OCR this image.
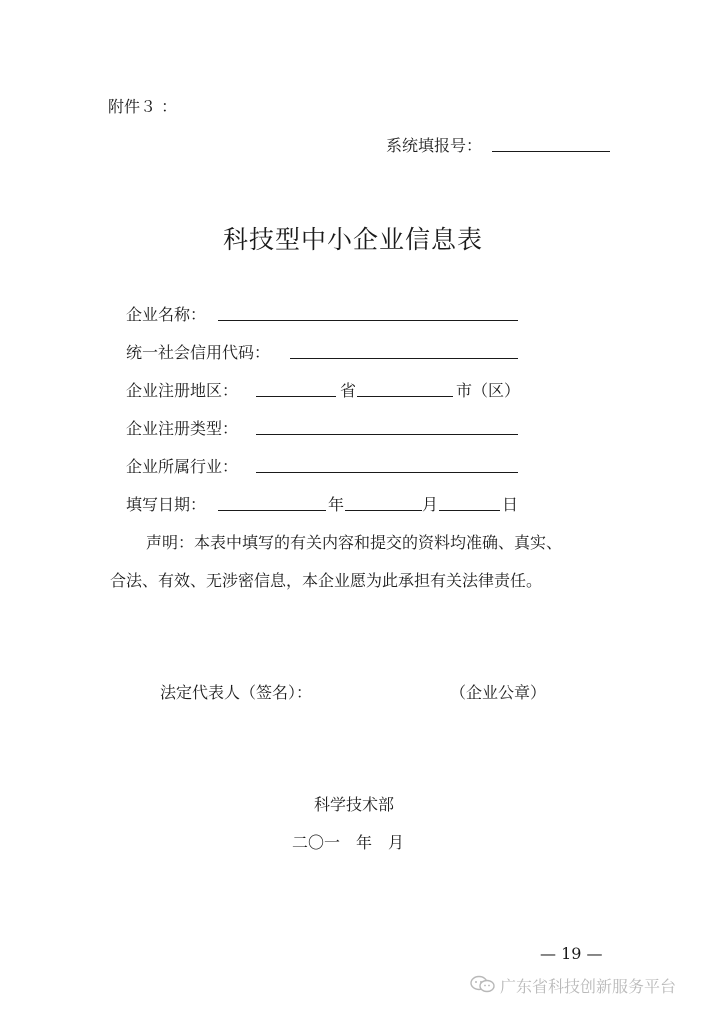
附件３ ：
系统填报号：
科技型中小企业信息表
企业名称：
统一社会信用代码：
企业注册地区：	省	市（区）
企业注册类型：
企业所属行业：
填写日期：	年	月	日
声明：本表中填写的有关内容和提交的资料均准确、真实、
合法、有效、无涉密信息，本企业愿为此承担有关法律责任。
法定代表人（签名）：	（企业公章）
科学技术部
二〇一　年　月
— 19 —
广东省科技创新服务平台
